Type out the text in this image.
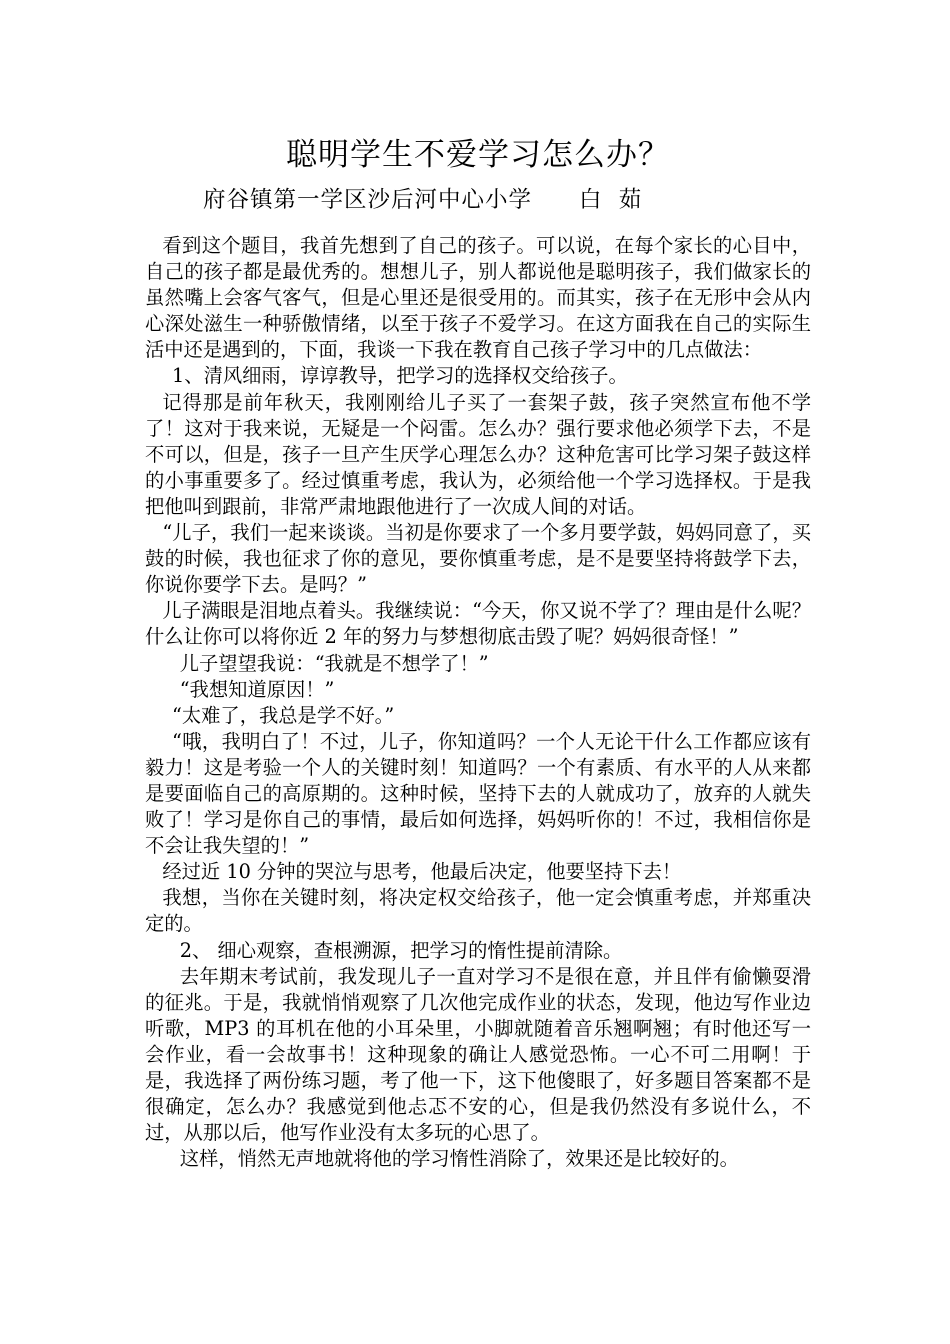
聪明学生不爱学习怎么办？
府谷镇第一学区沙后河中心小学　　白  茹

看到这个题目，我首先想到了自己的孩子。可以说，在每个家长的心目中，自己的孩子都是最优秀的。想想儿子，别人都说他是聪明孩子，我们做家长的虽然嘴上会客气客气，但是心里还是很受用的。而其实，孩子在无形中会从内心深处滋生一种骄傲情绪，以至于孩子不爱学习。在这方面我在自己的实际生活中还是遇到的，下面，我谈一下我在教育自己孩子学习中的几点做法：

1、清风细雨，谆谆教导，把学习的选择权交给孩子。

记得那是前年秋天，我刚刚给儿子买了一套架子鼓，孩子突然宣布他不学了！这对于我来说，无疑是一个闷雷。怎么办？强行要求他必须学下去，不是不可以，但是，孩子一旦产生厌学心理怎么办？这种危害可比学习架子鼓这样的小事重要多了。经过慎重考虑，我认为，必须给他一个学习选择权。于是我把他叫到跟前，非常严肃地跟他进行了一次成人间的对话。

“儿子，我们一起来谈谈。当初是你要求了一个多月要学鼓，妈妈同意了，买鼓的时候，我也征求了你的意见，要你慎重考虑，是不是要坚持将鼓学下去，你说你要学下去。是吗？”

儿子满眼是泪地点着头。我继续说：“今天，你又说不学了？理由是什么呢？什么让你可以将你近 2 年的努力与梦想彻底击毁了呢？妈妈很奇怪！”

儿子望望我说：“我就是不想学了！”

“我想知道原因！”

“太难了，我总是学不好。”

“哦，我明白了！不过，儿子，你知道吗？一个人无论干什么工作都应该有毅力！这是考验一个人的关键时刻！知道吗？一个有素质、有水平的人从来都是要面临自己的高原期的。这种时候，坚持下去的人就成功了，放弃的人就失败了！学习是你自己的事情，最后如何选择，妈妈听你的！不过，我相信你是不会让我失望的！”

经过近 10 分钟的哭泣与思考，他最后决定，他要坚持下去！

我想，当你在关键时刻，将决定权交给孩子，他一定会慎重考虑，并郑重决定的。

2、 细心观察，查根溯源，把学习的惰性提前清除。

去年期末考试前，我发现儿子一直对学习不是很在意，并且伴有偷懒耍滑的征兆。于是，我就悄悄观察了几次他完成作业的状态，发现，他边写作业边听歌，MP3 的耳机在他的小耳朵里，小脚就随着音乐翘啊翘；有时他还写一会作业，看一会故事书！这种现象的确让人感觉恐怖。一心不可二用啊！于是，我选择了两份练习题，考了他一下，这下他傻眼了，好多题目答案都不是很确定，怎么办？我感觉到他忐忑不安的心，但是我仍然没有多说什么，不过，从那以后，他写作业没有太多玩的心思了。

这样，悄然无声地就将他的学习惰性消除了，效果还是比较好的。
